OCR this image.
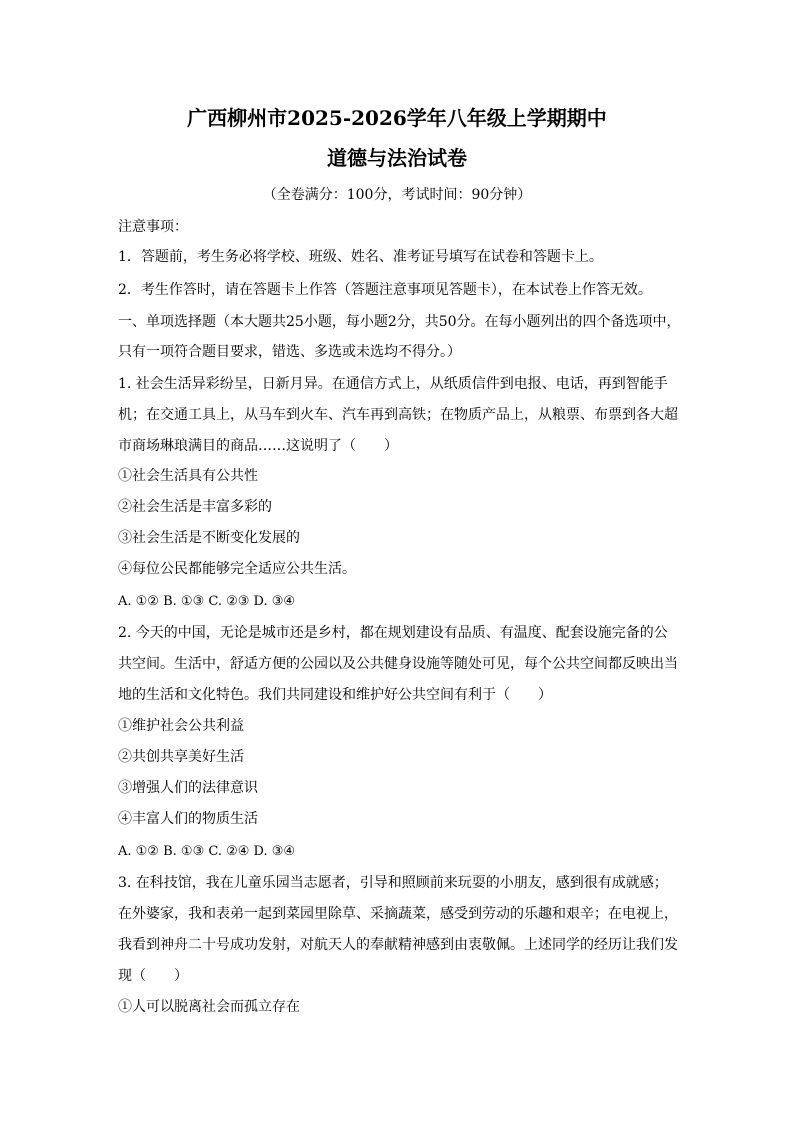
广西柳州市2025-2026学年八年级上学期期中
道德与法治试卷
（全卷满分：100分，考试时间：90分钟）
注意事项：
1．答题前，考生务必将学校、班级、姓名、准考证号填写在试卷和答题卡上。
2．考生作答时，请在答题卡上作答（答题注意事项见答题卡），在本试卷上作答无效。
一、单项选择题（本大题共25小题，每小题2分，共50分。在每小题列出的四个备选项中，
只有一项符合题目要求，错选、多选或未选均不得分。）
1. 社会生活异彩纷呈，日新月异。在通信方式上，从纸质信件到电报、电话，再到智能手
机；在交通工具上，从马车到火车、汽车再到高铁；在物质产品上，从粮票、布票到各大超
市商场琳琅满目的商品……这说明了（　　）
①社会生活具有公共性
②社会生活是丰富多彩的
③社会生活是不断变化发展的
④每位公民都能够完全适应公共生活。
A. ①② B. ①③ C. ②③ D. ③④
2. 今天的中国，无论是城市还是乡村，都在规划建设有品质、有温度、配套设施完备的公
共空间。生活中，舒适方便的公园以及公共健身设施等随处可见，每个公共空间都反映出当
地的生活和文化特色。我们共同建设和维护好公共空间有利于（　　）
①维护社会公共利益
②共创共享美好生活
③增强人们的法律意识
④丰富人们的物质生活
A. ①② B. ①③ C. ②④ D. ③④
3. 在科技馆，我在儿童乐园当志愿者，引导和照顾前来玩耍的小朋友，感到很有成就感；
在外婆家，我和表弟一起到菜园里除草、采摘蔬菜，感受到劳动的乐趣和艰辛；在电视上，
我看到神舟二十号成功发射，对航天人的奉献精神感到由衷敬佩。上述同学的经历让我们发
现（　　）
①人可以脱离社会而孤立存在
